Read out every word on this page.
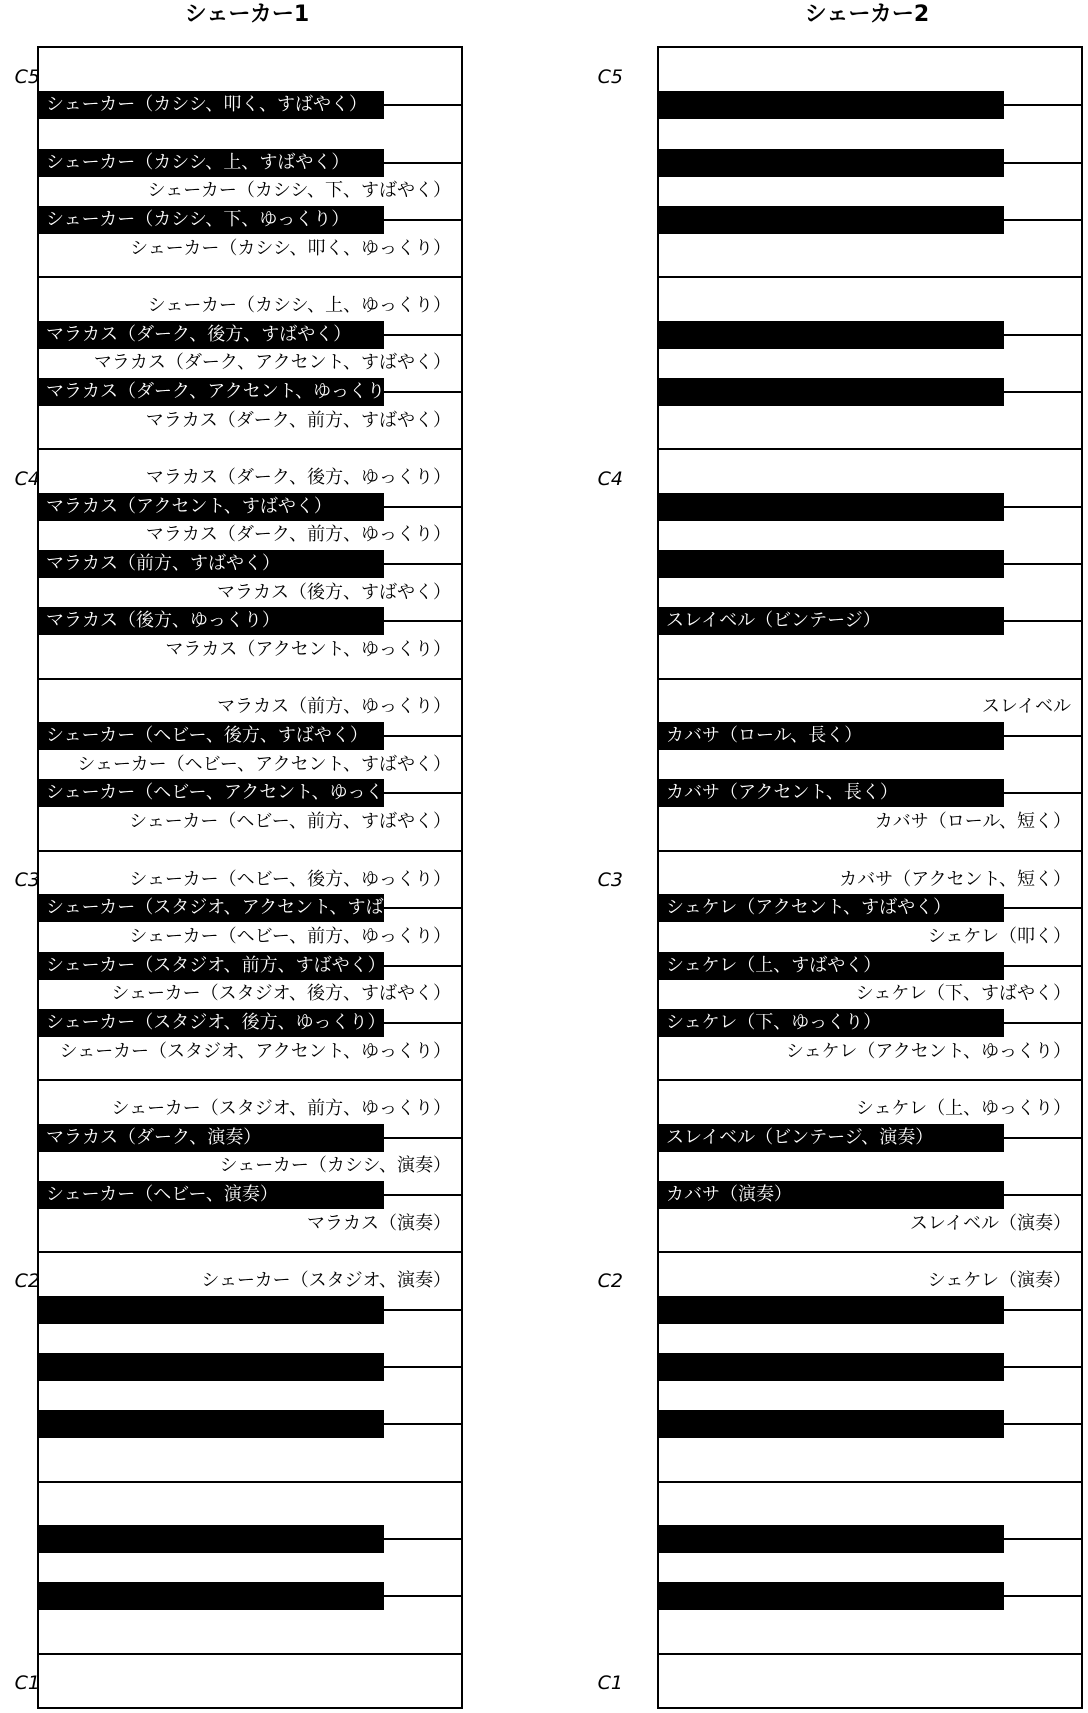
シェーカー1
シェーカー（カシシ、下、すばやく）
シェーカー（カシシ、叩く、ゆっくり）
シェーカー（カシシ、上、ゆっくり）
マラカス（ダーク、アクセント、すばやく）
マラカス（ダーク、前方、すばやく）
マラカス（ダーク、後方、ゆっくり）
マラカス（ダーク、前方、ゆっくり）
マラカス（後方、すばやく）
マラカス（アクセント、ゆっくり）
マラカス（前方、ゆっくり）
シェーカー（ヘビー、アクセント、すばやく）
シェーカー（ヘビー、前方、すばやく）
シェーカー（ヘビー、後方、ゆっくり）
シェーカー（ヘビー、前方、ゆっくり）
シェーカー（スタジオ、後方、すばやく）
シェーカー（スタジオ、アクセント、ゆっくり）
シェーカー（スタジオ、前方、ゆっくり）
シェーカー（カシシ、演奏）
マラカス（演奏）
シェーカー（スタジオ、演奏）
シェーカー（カシシ、叩く、すばやく）
シェーカー（カシシ、上、すばやく）
シェーカー（カシシ、下、ゆっくり）
マラカス（ダーク、後方、すばやく）
マラカス（ダーク、アクセント、ゆっくり）
マラカス（アクセント、すばやく）
マラカス（前方、すばやく）
マラカス（後方、ゆっくり）
シェーカー（ヘビー、後方、すばやく）
シェーカー（ヘビー、アクセント、ゆっくり）
シェーカー（スタジオ、アクセント、すばやく）
シェーカー（スタジオ、前方、すばやく）
シェーカー（スタジオ、後方、ゆっくり）
マラカス（ダーク、演奏）
シェーカー（ヘビー、演奏）
シェーカー2
スレイベル
カバサ（ロール、短く）
カバサ（アクセント、短く）
シェケレ（叩く）
シェケレ（下、すばやく）
シェケレ（アクセント、ゆっくり）
シェケレ（上、ゆっくり）
スレイベル（演奏）
シェケレ（演奏）
スレイベル（ビンテージ）
カバサ（ロール、長く）
カバサ（アクセント、長く）
シェケレ（アクセント、すばやく）
シェケレ（上、すばやく）
シェケレ（下、ゆっくり）
スレイベル（ビンテージ、演奏）
カバサ（演奏）
C5
C4
C3
C2
C1
C5
C4
C3
C2
C1
